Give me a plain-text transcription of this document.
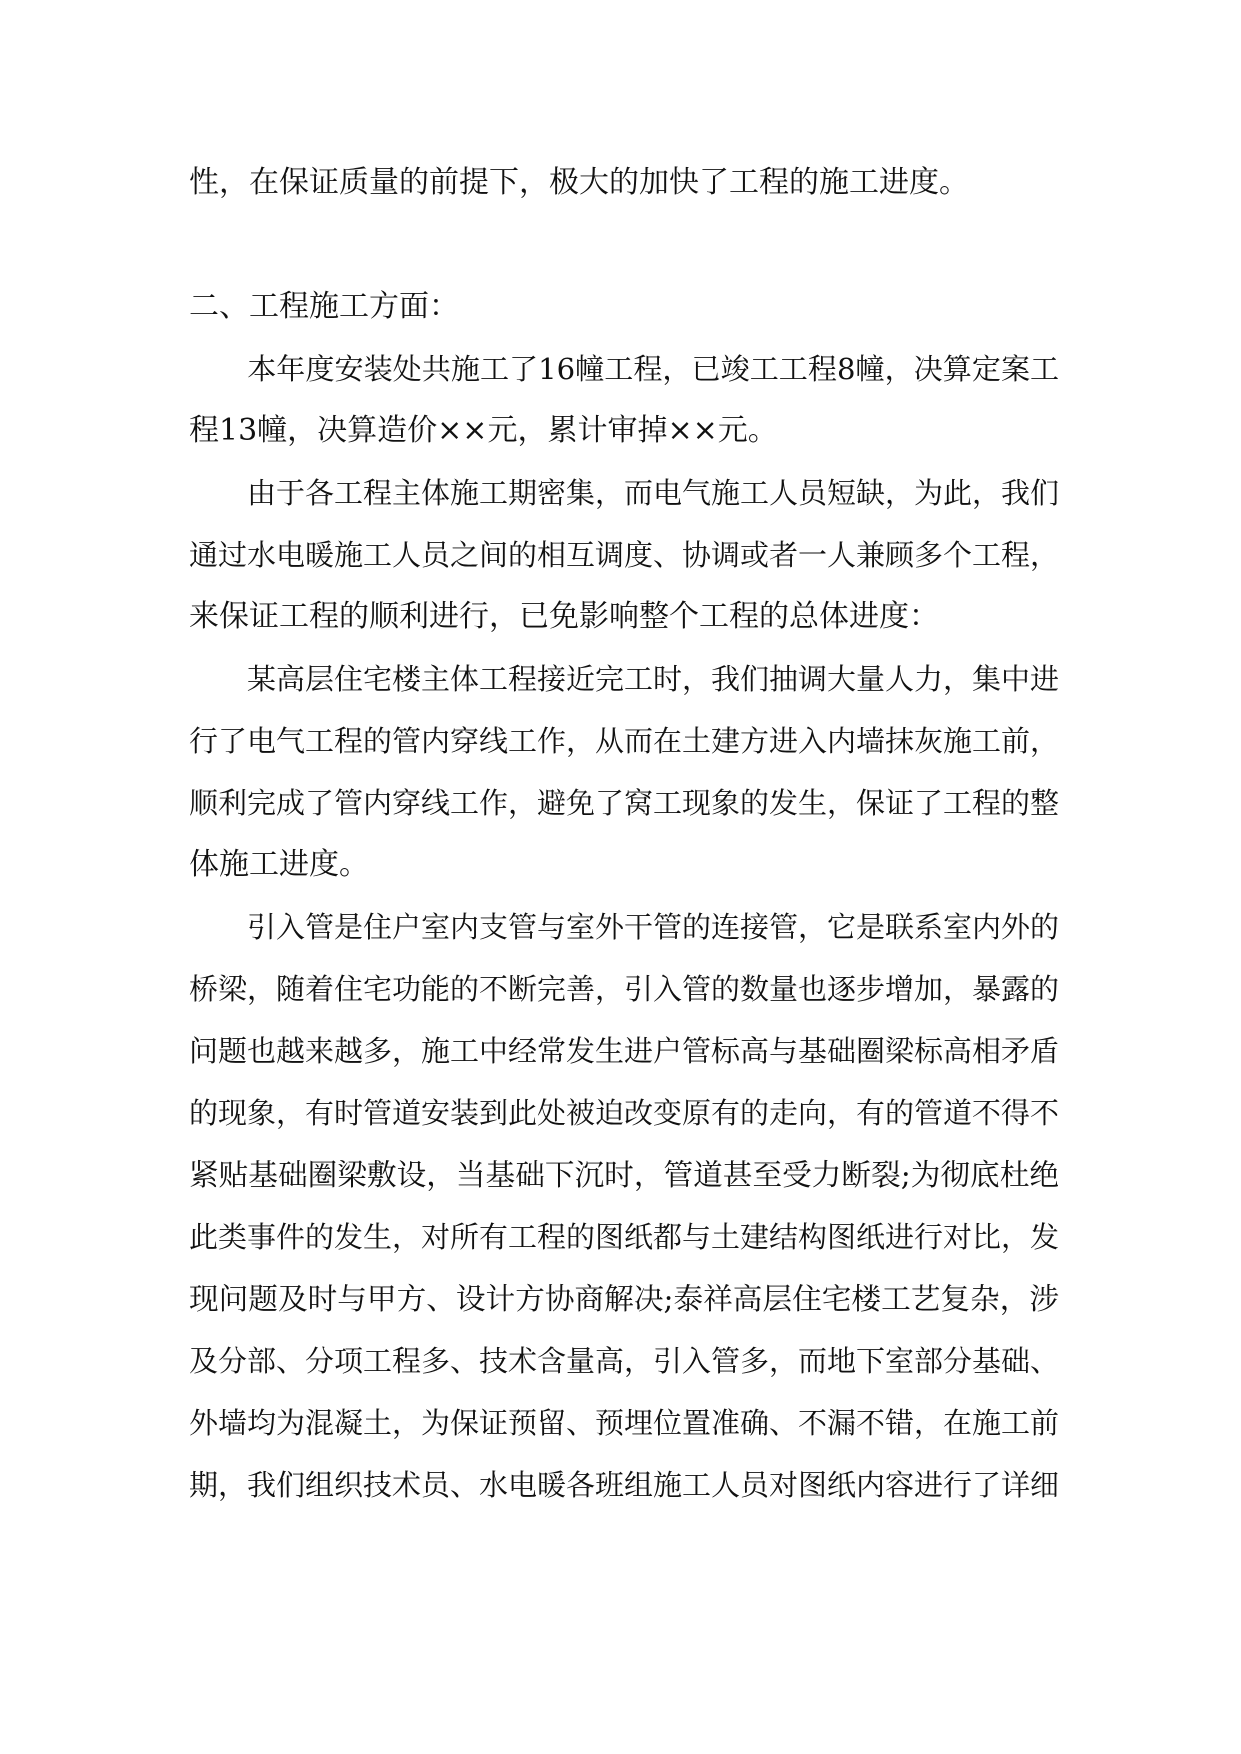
性，在保证质量的前提下，极大的加快了工程的施工进度。
二、工程施工方面：
本年度安装处共施工了16幢工程，已竣工工程8幢，决算定案工
程13幢，决算造价××元，累计审掉××元。
由于各工程主体施工期密集，而电气施工人员短缺，为此，我们
通过水电暖施工人员之间的相互调度、协调或者一人兼顾多个工程，
来保证工程的顺利进行，已免影响整个工程的总体进度：
某高层住宅楼主体工程接近完工时，我们抽调大量人力，集中进
行了电气工程的管内穿线工作，从而在土建方进入内墙抹灰施工前，
顺利完成了管内穿线工作，避免了窝工现象的发生，保证了工程的整
体施工进度。
引入管是住户室内支管与室外干管的连接管，它是联系室内外的
桥梁，随着住宅功能的不断完善，引入管的数量也逐步增加，暴露的
问题也越来越多，施工中经常发生进户管标高与基础圈梁标高相矛盾
的现象，有时管道安装到此处被迫改变原有的走向，有的管道不得不
紧贴基础圈梁敷设，当基础下沉时，管道甚至受力断裂;为彻底杜绝
此类事件的发生，对所有工程的图纸都与土建结构图纸进行对比，发
现问题及时与甲方、设计方协商解决;泰祥高层住宅楼工艺复杂，涉
及分部、分项工程多、技术含量高，引入管多，而地下室部分基础、
外墙均为混凝土，为保证预留、预埋位置准确、不漏不错，在施工前
期，我们组织技术员、水电暖各班组施工人员对图纸内容进行了详细
